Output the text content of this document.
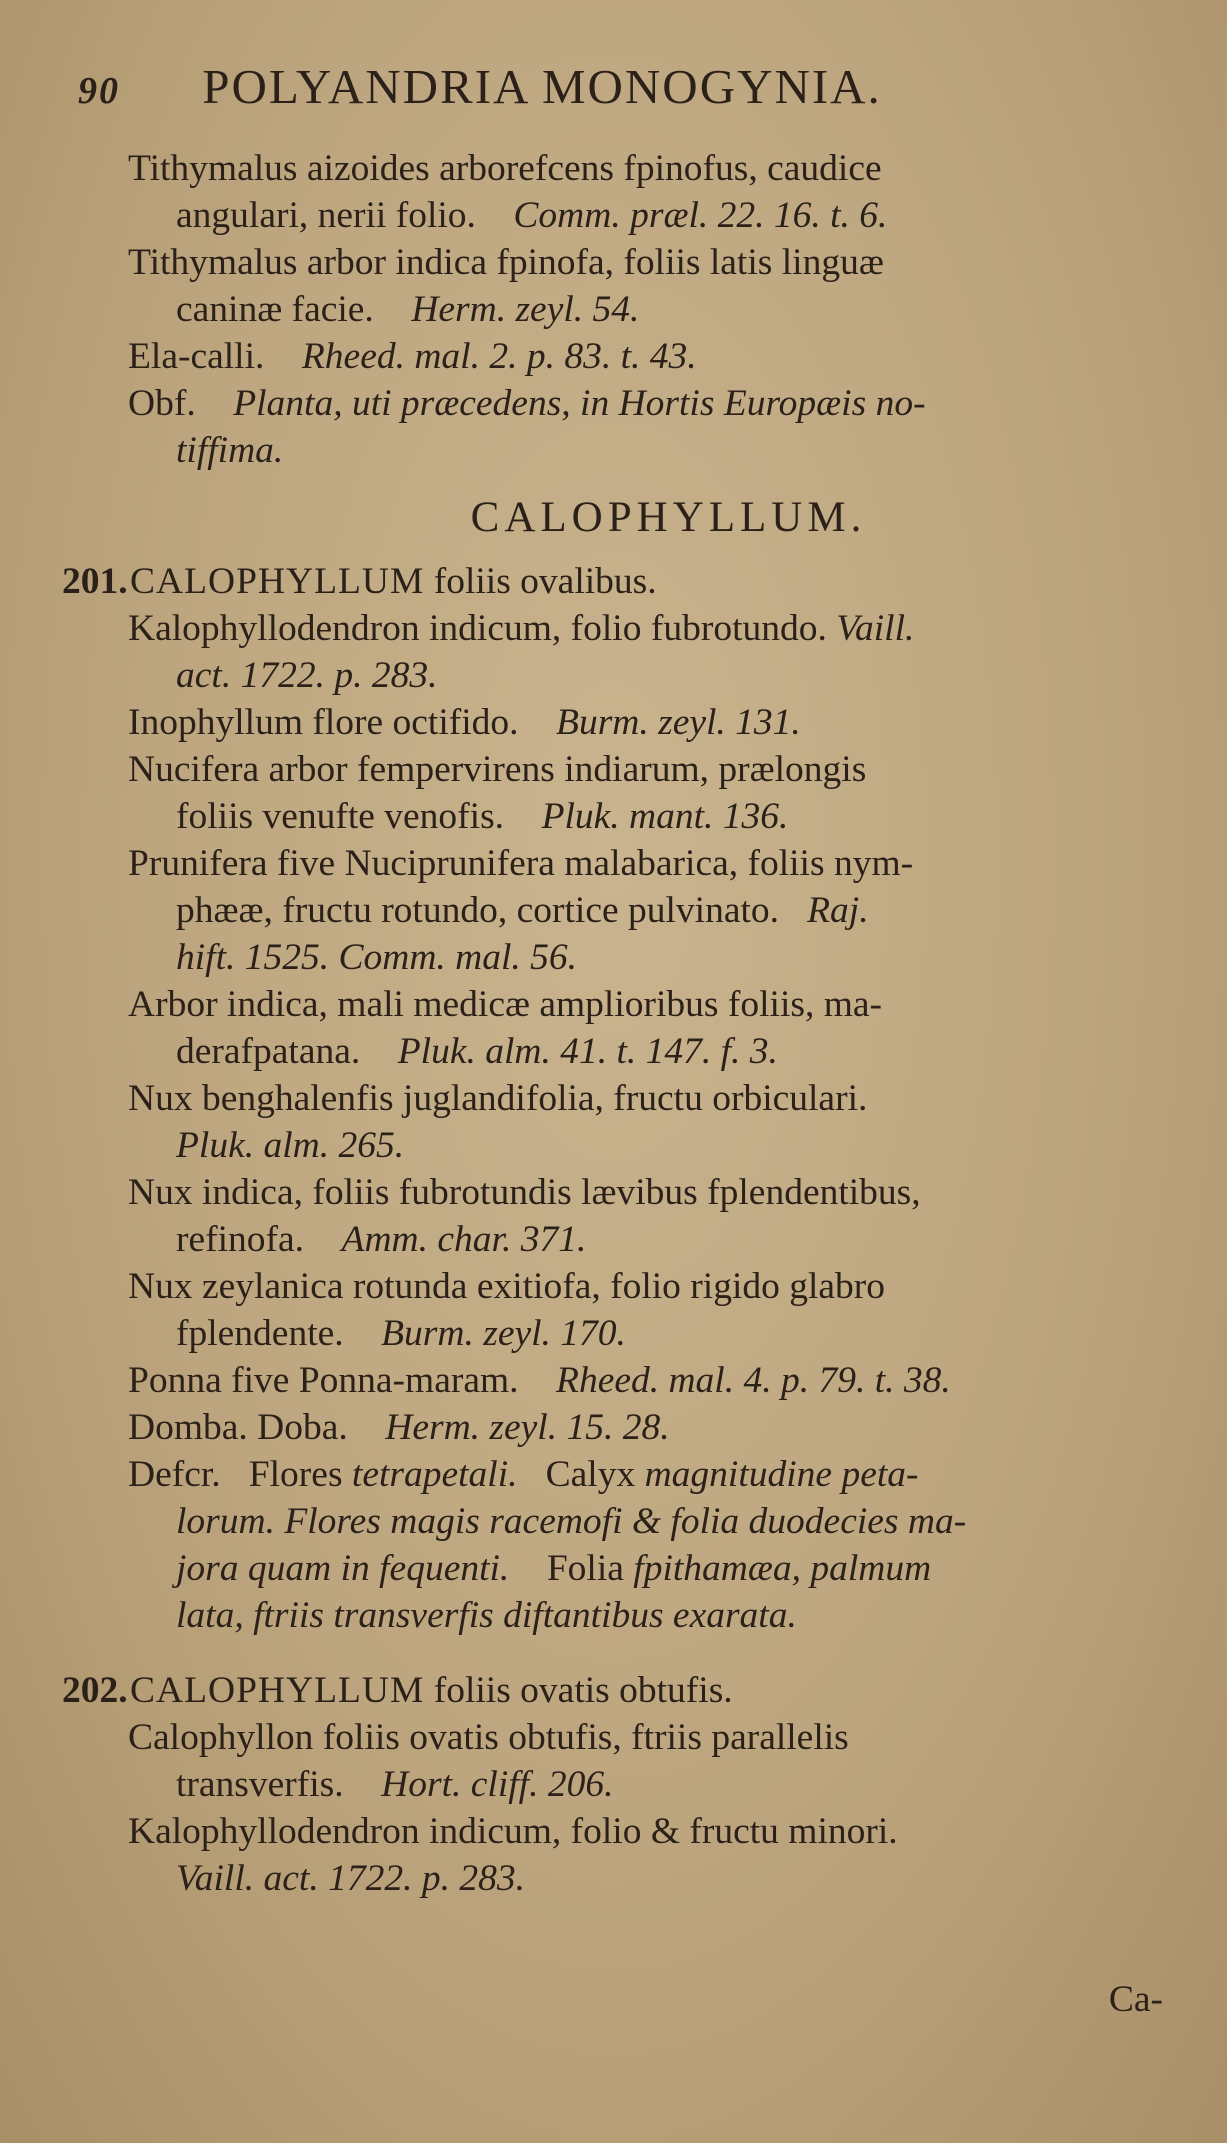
90 POLYANDRIA MONOGYNIA.
Tithymalus aizoides arborefcens fpinofus, caudice
angulari, nerii folio. Comm. præl. 22. 16. t. 6.
Tithymalus arbor indica fpinofa, foliis latis linguæ
caninæ facie. Herm. zeyl. 54.
Ela-calli. Rheed. mal. 2. p. 83. t. 43.
Obf. Planta, uti præcedens, in Hortis Europæis no-
tiffima.
CALOPHYLLUM.
201.CALOPHYLLUM foliis ovalibus.
Kalophyllodendron indicum, folio fubrotundo. Vaill.
act. 1722. p. 283.
Inophyllum flore octifido. Burm. zeyl. 131.
Nucifera arbor fempervirens indiarum, prælongis
foliis venufte venofis. Pluk. mant. 136.
Prunifera five Nuciprunifera malabarica, foliis nym-
phææ, fructu rotundo, cortice pulvinato. Raj.
hift. 1525. Comm. mal. 56.
Arbor indica, mali medicæ amplioribus foliis, ma-
derafpatana. Pluk. alm. 41. t. 147. f. 3.
Nux benghalenfis juglandifolia, fructu orbiculari.
Pluk. alm. 265.
Nux indica, foliis fubrotundis lævibus fplendentibus,
refinofa. Amm. char. 371.
Nux zeylanica rotunda exitiofa, folio rigido glabro
fplendente. Burm. zeyl. 170.
Ponna five Ponna-maram. Rheed. mal. 4. p. 79. t. 38.
Domba. Doba. Herm. zeyl. 15. 28.
Defcr. Flores tetrapetali. Calyx magnitudine peta-
lorum. Flores magis racemofi & folia duodecies ma-
jora quam in fequenti. Folia fpithamæa, palmum
lata, ftriis transverfis diftantibus exarata.
202.CALOPHYLLUM foliis ovatis obtufis.
Calophyllon foliis ovatis obtufis, ftriis parallelis
transverfis. Hort. cliff. 206.
Kalophyllodendron indicum, folio & fructu minori.
Vaill. act. 1722. p. 283.
Ca-
